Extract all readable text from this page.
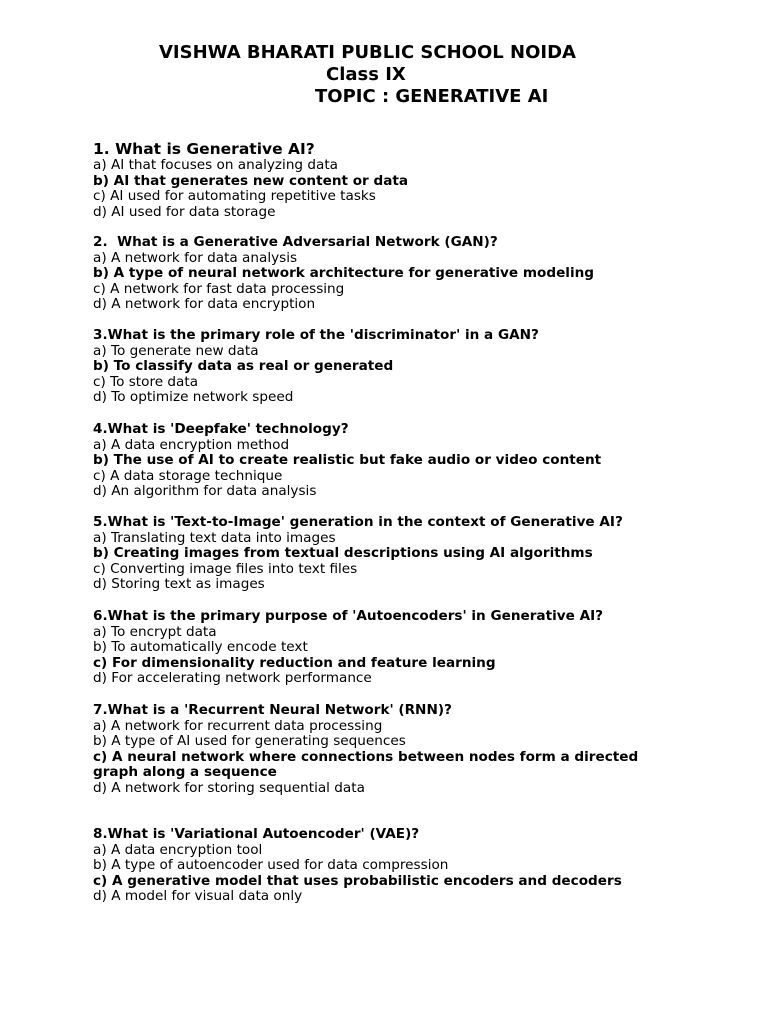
VISHWA BHARATI PUBLIC SCHOOL NOIDA
Class IX
TOPIC : GENERATIVE AI
1. What is Generative AI?
a) AI that focuses on analyzing data
b) AI that generates new content or data
c) AI used for automating repetitive tasks
d) AI used for data storage
2.  What is a Generative Adversarial Network (GAN)?
a) A network for data analysis
b) A type of neural network architecture for generative modeling
c) A network for fast data processing
d) A network for data encryption
3.What is the primary role of the 'discriminator' in a GAN?
a) To generate new data
b) To classify data as real or generated
c) To store data
d) To optimize network speed
4.What is 'Deepfake' technology?
a) A data encryption method
b) The use of AI to create realistic but fake audio or video content
c) A data storage technique
d) An algorithm for data analysis
5.What is 'Text-to-Image' generation in the context of Generative AI?
a) Translating text data into images
b) Creating images from textual descriptions using AI algorithms
c) Converting image files into text files
d) Storing text as images
6.What is the primary purpose of 'Autoencoders' in Generative AI?
a) To encrypt data
b) To automatically encode text
c) For dimensionality reduction and feature learning
d) For accelerating network performance
7.What is a 'Recurrent Neural Network' (RNN)?
a) A network for recurrent data processing
b) A type of AI used for generating sequences
c) A neural network where connections between nodes form a directed graph along a sequence
d) A network for storing sequential data
8.What is 'Variational Autoencoder' (VAE)?
a) A data encryption tool
b) A type of autoencoder used for data compression
c) A generative model that uses probabilistic encoders and decoders
d) A model for visual data only
